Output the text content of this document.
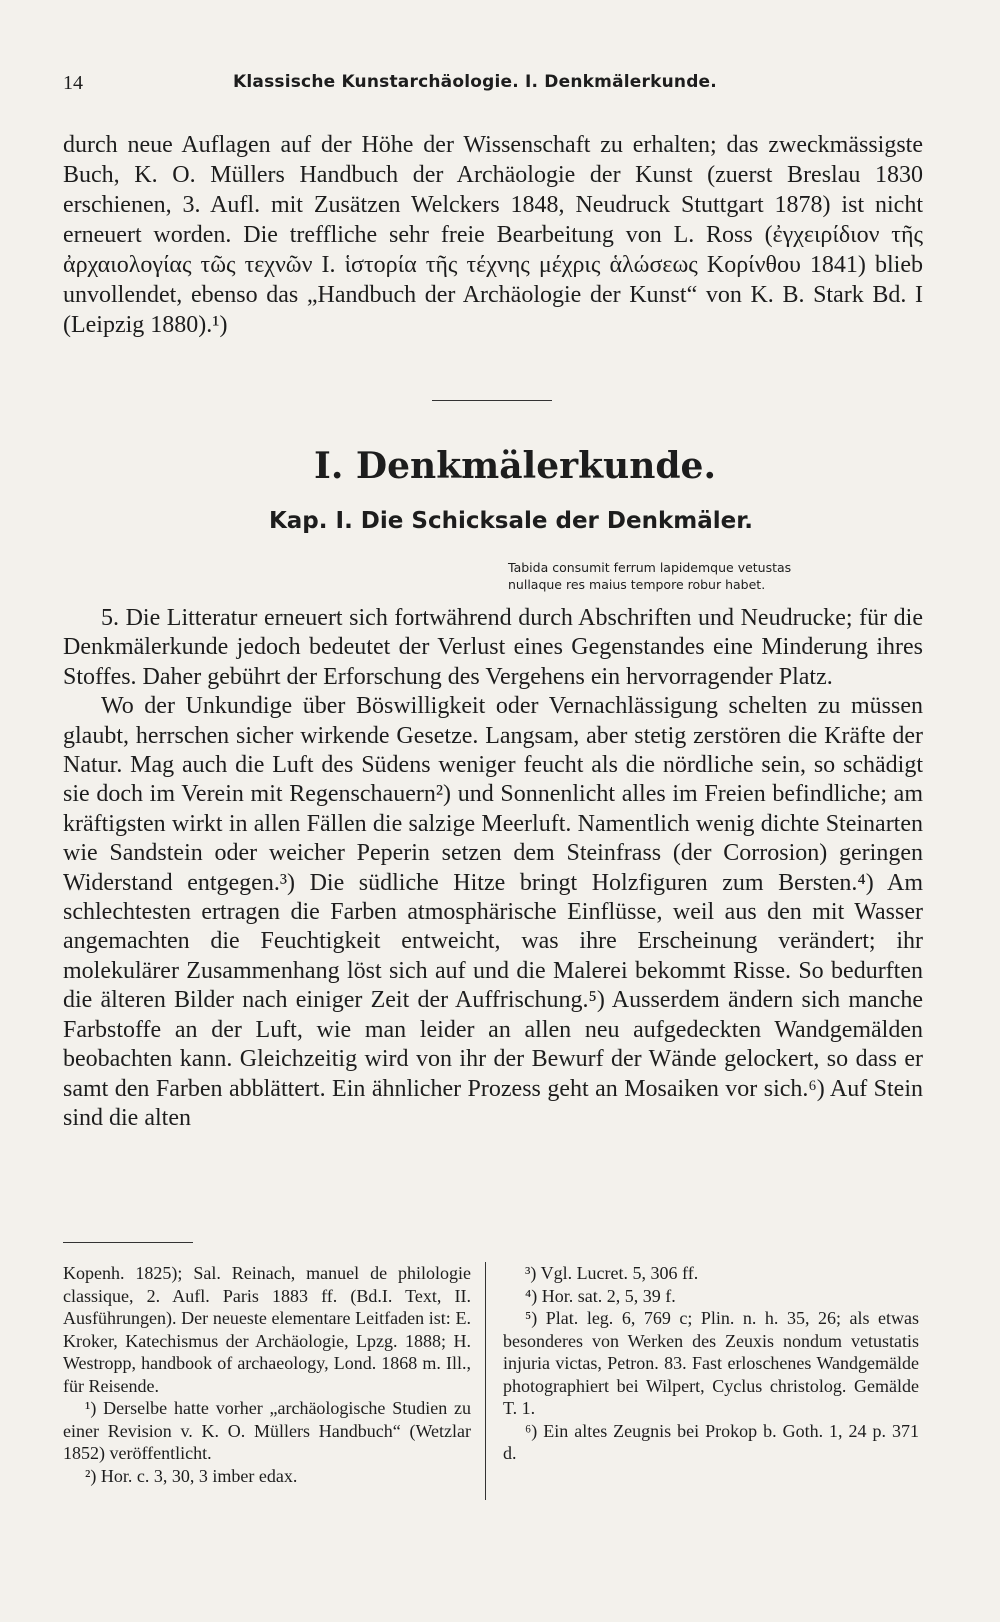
14	Klassische Kunstarchäologie. I. Denkmälerkunde.

durch neue Auflagen auf der Höhe der Wissenschaft zu erhalten; das zweckmässigste Buch, K. O. Müllers Handbuch der Archäologie der Kunst (zuerst Breslau 1830 erschienen, 3. Aufl. mit Zusätzen Welckers 1848, Neudruck Stuttgart 1878) ist nicht erneuert worden. Die treffliche sehr freie Bearbeitung von L. Ross (ἐγχειρίδιον τῆς ἀρχαιολογίας τῶς τεχνῶν I. ἱστορία τῆς τέχνης μέχρις ἁλώσεως Κορίνθου 1841) blieb unvollendet, ebenso das „Handbuch der Archäologie der Kunst“ von K. B. Stark Bd. I (Leipzig 1880).¹)

I. Denkmälerkunde.
Kap. I. Die Schicksale der Denkmäler.
Tabida consumit ferrum lapidemque vetustas
nullaque res maius tempore robur habet.

5. Die Litteratur erneuert sich fortwährend durch Abschriften und Neudrucke; für die Denkmälerkunde jedoch bedeutet der Verlust eines Gegenstandes eine Minderung ihres Stoffes. Daher gebührt der Erforschung des Vergehens ein hervorragender Platz.

Wo der Unkundige über Böswilligkeit oder Vernachlässigung schelten zu müssen glaubt, herrschen sicher wirkende Gesetze. Langsam, aber stetig zerstören die Kräfte der Natur. Mag auch die Luft des Südens weniger feucht als die nördliche sein, so schädigt sie doch im Verein mit Regenschauern²) und Sonnenlicht alles im Freien befindliche; am kräftigsten wirkt in allen Fällen die salzige Meerluft. Namentlich wenig dichte Steinarten wie Sandstein oder weicher Peperin setzen dem Steinfrass (der Corrosion) geringen Widerstand entgegen.³) Die südliche Hitze bringt Holzfiguren zum Bersten.⁴) Am schlechtesten ertragen die Farben atmosphärische Einflüsse, weil aus den mit Wasser angemachten die Feuchtigkeit entweicht, was ihre Erscheinung verändert; ihr molekulärer Zusammenhang löst sich auf und die Malerei bekommt Risse. So bedurften die älteren Bilder nach einiger Zeit der Auffrischung.⁵) Ausserdem ändern sich manche Farbstoffe an der Luft, wie man leider an allen neu aufgedeckten Wandgemälden beobachten kann. Gleichzeitig wird von ihr der Bewurf der Wände gelockert, so dass er samt den Farben abblättert. Ein ähnlicher Prozess geht an Mosaiken vor sich.⁶) Auf Stein sind die alten

Kopenh. 1825); Sal. Reinach, manuel de philologie classique, 2. Aufl. Paris 1883 ff. (Bd.I. Text, II. Ausführungen). Der neueste elementare Leitfaden ist: E. Kroker, Katechismus der Archäologie, Lpzg. 1888; H. Westropp, handbook of archaeology, Lond. 1868 m. Ill., für Reisende.

¹) Derselbe hatte vorher „archäologische Studien zu einer Revision v. K. O. Müllers Handbuch“ (Wetzlar 1852) veröffentlicht.

²) Hor. c. 3, 30, 3 imber edax.

³) Vgl. Lucret. 5, 306 ff.

⁴) Hor. sat. 2, 5, 39 f.

⁵) Plat. leg. 6, 769 c; Plin. n. h. 35, 26; als etwas besonderes von Werken des Zeuxis nondum vetustatis injuria victas, Petron. 83. Fast erloschenes Wandgemälde photographiert bei Wilpert, Cyclus christolog. Gemälde T. 1.

⁶) Ein altes Zeugnis bei Prokop b. Goth. 1, 24 p. 371 d.
